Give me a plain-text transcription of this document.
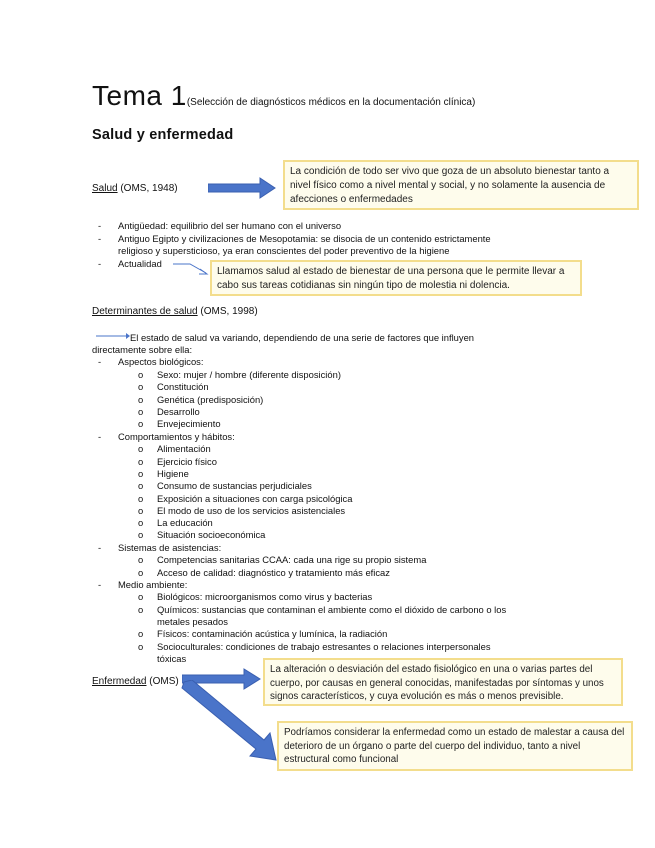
Tema 1(Selección de diagnósticos médicos en la documentación clínica)
Salud y enfermedad
Salud (OMS, 1948)
La condición de todo ser vivo que goza de un absoluto bienestar tanto a nivel físico como a nivel mental y social, y no solamente la ausencia de afecciones o enfermedades
- Antigüedad: equilibrio del ser humano con el universo
- Antiguo Egipto y civilizaciones de Mesopotamia: se disocia de un contenido estrictamente
religioso y supersticioso, ya eran conscientes del poder preventivo de la higiene
- Actualidad
Llamamos salud al estado de bienestar de una persona que le permite llevar a cabo sus tareas cotidianas sin ningún tipo de molestia ni dolencia.
Determinantes de salud (OMS, 1998)
El estado de salud va variando, dependiendo de una serie de factores que influyen
directamente sobre ella:
- Aspectos biológicos:
o Sexo: mujer / hombre (diferente disposición)
o Constitución
o Genética (predisposición)
o Desarrollo
o Envejecimiento
- Comportamientos y hábitos:
o Alimentación
o Ejercicio físico
o Higiene
o Consumo de sustancias perjudiciales
o Exposición a situaciones con carga psicológica
o El modo de uso de los servicios asistenciales
o La educación
o Situación socioeconómica
- Sistemas de asistencias:
o Competencias sanitarias CCAA: cada una rige su propio sistema
o Acceso de calidad: diagnóstico y tratamiento más eficaz
- Medio ambiente:
o Biológicos: microorganismos como virus y bacterias
o Químicos: sustancias que contaminan el ambiente como el dióxido de carbono o los
metales pesados
o Físicos: contaminación acústica y lumínica, la radiación
o Socioculturales: condiciones de trabajo estresantes o relaciones interpersonales
tóxicas
Enfermedad (OMS)
La alteración o desviación del estado fisiológico en una o varias partes del cuerpo, por causas en general conocidas, manifestadas por síntomas y unos signos característicos, y cuya evolución es más o menos previsible.
Podríamos considerar la enfermedad como un estado de malestar a causa del deterioro de un órgano o parte del cuerpo del individuo, tanto a nivel estructural como funcional
